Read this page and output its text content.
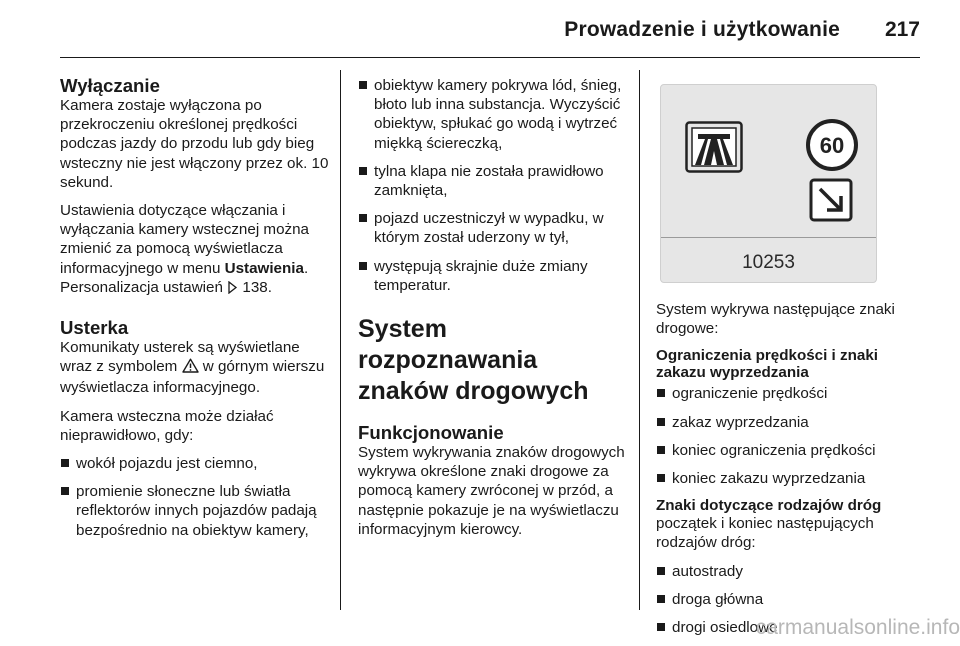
Prowadzenie i użytkowanie 217
Wyłączanie

Kamera zostaje wyłączona po przekroczeniu określonej prędkości podczas jazdy do przodu lub gdy bieg wsteczny nie jest włączony przez ok. 10 sekund.

Ustawienia dotyczące włączania i wyłączania kamery wstecznej można zmienić za pomocą wyświetlacza informacyjnego w menu Ustawienia. Personalizacja ustawień  138.

Usterka

Komunikaty usterek są wyświetlane wraz z symbolem  w górnym wierszu wyświetlacza informacyjnego.

Kamera wsteczna może działać nieprawidłowo, gdy:

wokół pojazdu jest ciemno,
promienie słoneczne lub światła reflektorów innych pojazdów padają bezpośrednio na obiektyw kamery,
obiektyw kamery pokrywa lód, śnieg, błoto lub inna substancja. Wyczyścić obiektyw, spłukać go wodą i wytrzeć miękką ściereczką,
tylna klapa nie została prawidłowo zamknięta,
pojazd uczestniczył w wypadku, w którym został uderzony w tył,
występują skrajnie duże zmiany temperatur.
System rozpoznawania
znaków drogowych
Funkcjonowanie

System wykrywania znaków drogowych wykrywa określone znaki drogowe za pomocą kamery zwróconej w przód, a następnie pokazuje je na wyświetlaczu informacyjnym kierowcy.

60
10253

System wykrywa następujące znaki drogowe:

Ograniczenia prędkości i znaki zakazu wyprzedzania
ograniczenie prędkości
zakaz wyprzedzania
koniec ograniczenia prędkości
koniec zakazu wyprzedzania
Znaki dotyczące rodzajów dróg

początek i koniec następujących rodzajów dróg:

autostrady
droga główna
drogi osiedlowe
carmanualsonline.info
